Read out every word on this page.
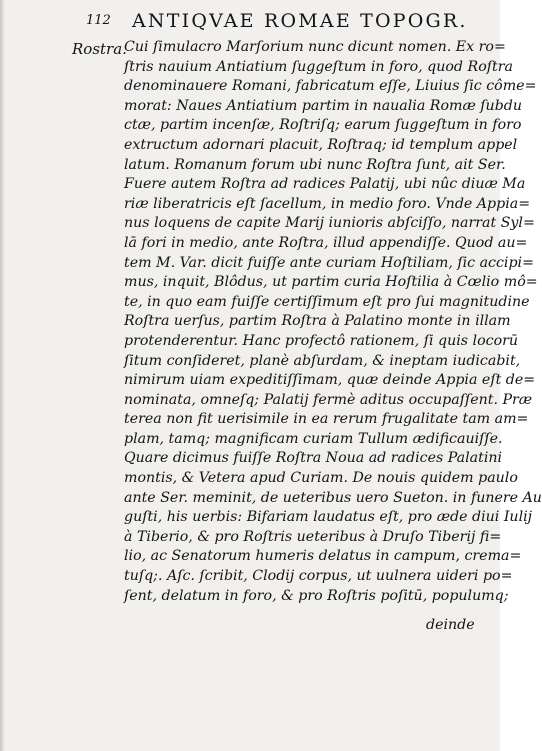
112 ANTIQVAE ROMAE TOPOGR.
Rostra.
Cui ſimulacro Marſorium nunc dicunt nomen. Ex ro=
ſtris nauium Antiatium ſuggeſtum in foro, quod Roſtra
denominauere Romani, fabricatum eſſe, Liuius ſic côme=
morat: Naues Antiatium partim in naualia Romæ ſubdu
ctæ, partim incenſæ, Roſtriſq; earum ſuggeſtum in foro
extructum adornari placuit, Roſtraq; id templum appel
latum. Romanum forum ubi nunc Roſtra ſunt, ait Ser.
Fuere autem Roſtra ad radices Palatij, ubi nûc diuæ Ma
riæ liberatricis eſt ſacellum, in medio foro. Vnde Appia=
nus loquens de capite Marij iunioris abſciſſo, narrat Syl=
lā fori in medio, ante Roſtra, illud appendiſſe. Quod au=
tem M. Var. dicit fuiſſe ante curiam Hoſtiliam, ſic accipi=
mus, inquit, Blôdus, ut partim curia Hoſtilia à Cœlio mô=
te, in quo eam fuiſſe certiſſimum eſt pro ſui magnitudine
Roſtra uerſus, partim Roſtra à Palatino monte in illam
protenderentur. Hanc profectô rationem, ſi quis locorū
ſitum conſideret, planè abſurdam, & ineptam iudicabit,
nimirum uiam expeditiſſimam, quæ deinde Appia eſt de=
nominata, omneſq; Palatij fermè aditus occupaſſent. Præ
terea non fit uerisimile in ea rerum frugalitate tam am=
plam, tamq; magnificam curiam Tullum ædificauiſſe.
Quare dicimus fuiſſe Roſtra Noua ad radices Palatini
montis, & Vetera apud Curiam. De nouis quidem paulo
ante Ser. meminit, de ueteribus uero Sueton. in funere Au
guſti, his uerbis: Bifariam laudatus eſt, pro æde diui Iulij
à Tiberio, & pro Roſtris ueteribus à Druſo Tiberij fi=
lio, ac Senatorum humeris delatus in campum, crema=
tuſq;. Aſc. ſcribit, Clodij corpus, ut uulnera uideri po=
ſent, delatum in foro, & pro Roſtris poſitū, populumq;
deinde
